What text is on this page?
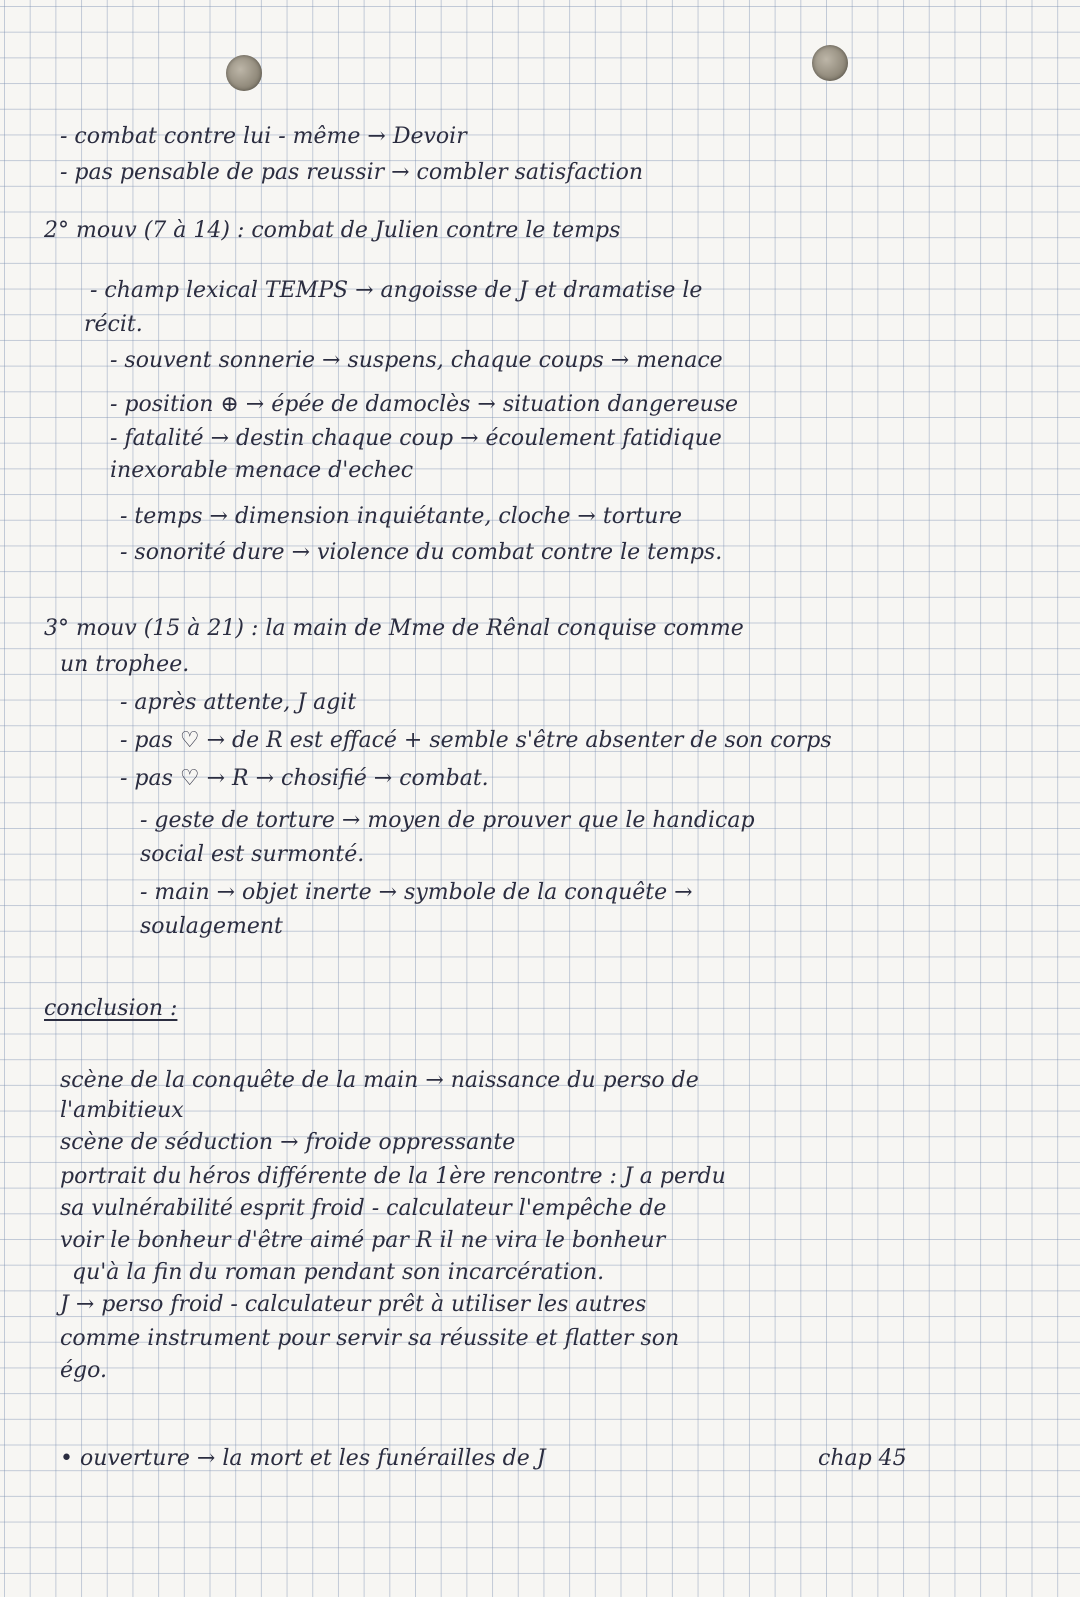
- combat contre lui - même → Devoir
- pas pensable de pas reussir → combler satisfaction
2° mouv (7 à 14) : combat de Julien contre le temps
- champ lexical TEMPS → angoisse de J et dramatise le
récit.
- souvent sonnerie → suspens, chaque coups → menace
- position ⊕ → épée de damoclès → situation dangereuse
- fatalité → destin chaque coup → écoulement fatidique
inexorable menace d'echec
- temps → dimension inquiétante, cloche → torture
- sonorité dure → violence du combat contre le temps.
3° mouv (15 à 21) : la main de Mme de Rênal conquise comme
un trophee.
- après attente, J agit
- pas ♡ → de R est effacé + semble s'être absenter de son corps
- pas ♡ → R → chosifié → combat.
- geste de torture → moyen de prouver que le handicap
social est surmonté.
- main → objet inerte → symbole de la conquête →
soulagement
conclusion :
scène de la conquête de la main → naissance du perso de
l'ambitieux
scène de séduction → froide oppressante
portrait du héros différente de la 1ère rencontre : J a perdu
sa vulnérabilité esprit froid - calculateur l'empêche de
voir le bonheur d'être aimé par R il ne vira le bonheur
qu'à la fin du roman pendant son incarcération.
J → perso froid - calculateur prêt à utiliser les autres
comme instrument pour servir sa réussite et flatter son
égo.
• ouverture → la mort et les funérailles de J	chap 45
